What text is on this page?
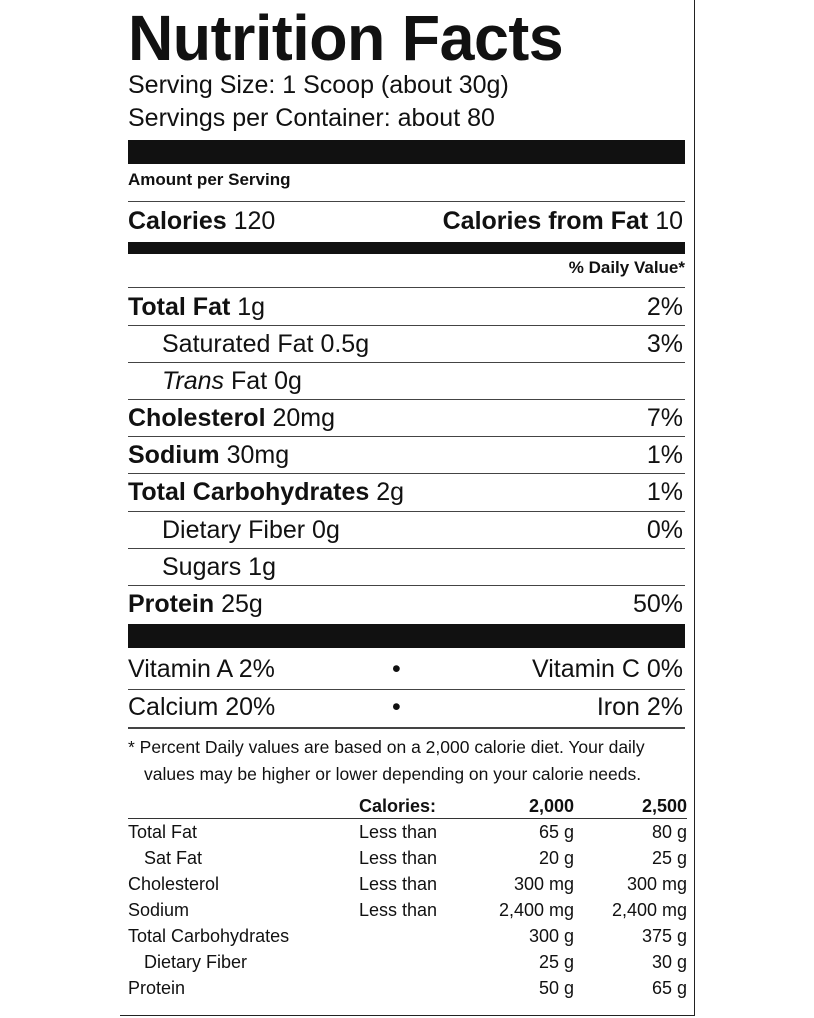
Nutrition Facts
Serving Size: 1 Scoop (about 30g)
Servings per Container: about 80
Amount per Serving
Calories 120	Calories from Fat 10
% Daily Value*
Total Fat 1g	2%
Saturated Fat 0.5g	3%
Trans Fat 0g
Cholesterol 20mg	7%
Sodium 30mg	1%
Total Carbohydrates 2g	1%
Dietary Fiber 0g	0%
Sugars 1g
Protein 25g	50%
Vitamin A 2%	•	Vitamin C 0%
Calcium 20%	•	Iron 2%
* Percent Daily values are based on a 2,000 calorie diet. Your daily
values may be higher or lower depending on your calorie needs.
	Calories:	2,000	2,500
Total Fat	Less than	65 g	80 g
Sat Fat	Less than	20 g	25 g
Cholesterol	Less than	300 mg	300 mg
Sodium	Less than	2,400 mg	2,400 mg
Total Carbohydrates		300 g	375 g
Dietary Fiber		25 g	30 g
Protein		50 g	65 g
